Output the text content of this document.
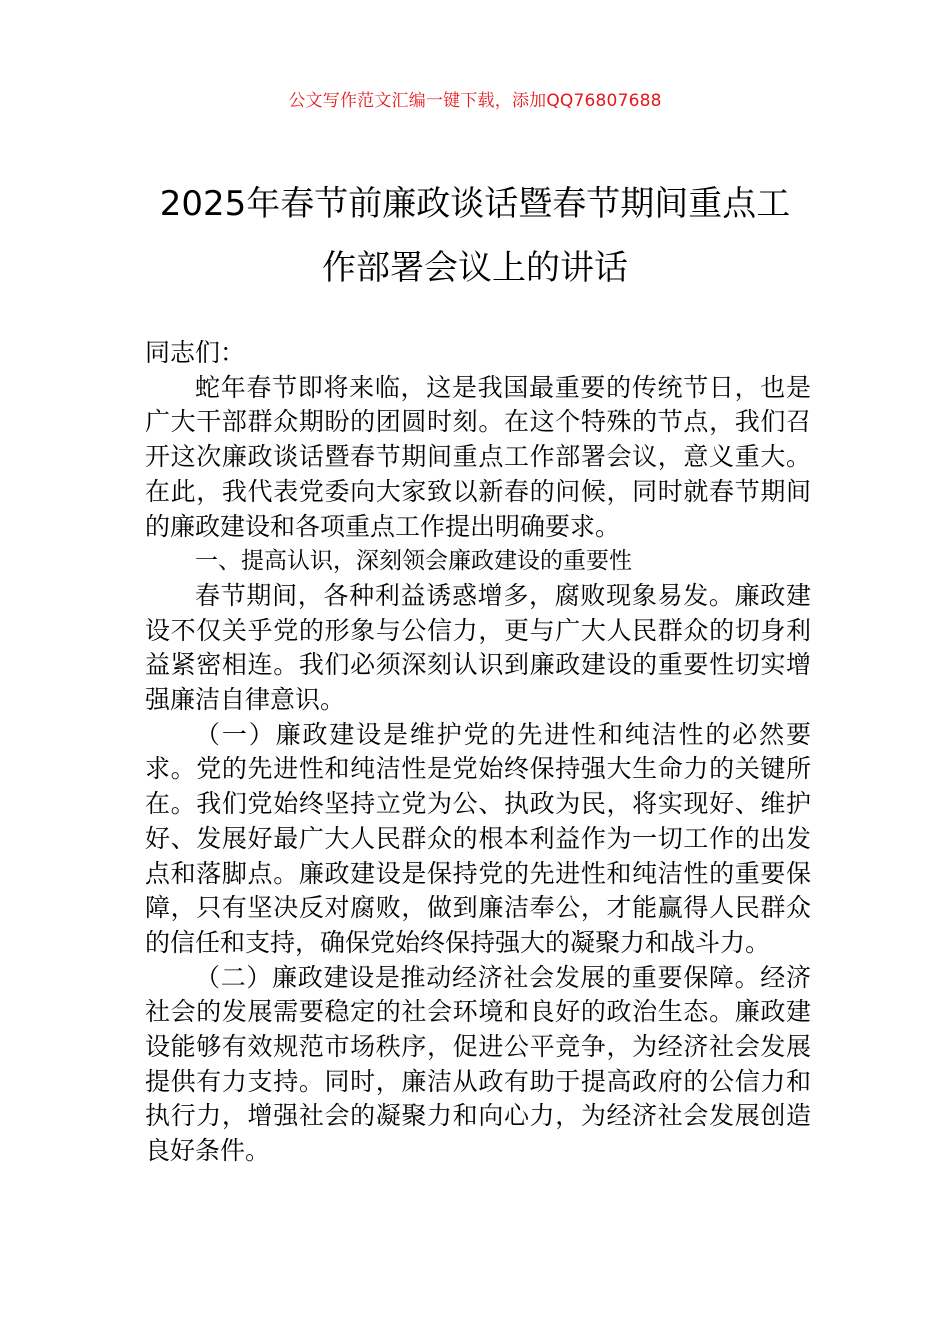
公文写作范文汇编一键下载，添加QQ76807688
2025年春节前廉政谈话暨春节期间重点工
作部署会议上的讲话

同志们：

蛇年春节即将来临，这是我国最重要的传统节日，也是广大干部群众期盼的团圆时刻。在这个特殊的节点，我们召开这次廉政谈话暨春节期间重点工作部署会议，意义重大。在此，我代表党委向大家致以新春的问候，同时就春节期间的廉政建设和各项重点工作提出明确要求。

一、提高认识，深刻领会廉政建设的重要性

春节期间，各种利益诱惑增多，腐败现象易发。廉政建设不仅关乎党的形象与公信力，更与广大人民群众的切身利益紧密相连。我们必须深刻认识到廉政建设的重要性切实增强廉洁自律意识。

（一）廉政建设是维护党的先进性和纯洁性的必然要求。党的先进性和纯洁性是党始终保持强大生命力的关键所在。我们党始终坚持立党为公、执政为民，将实现好、维护好、发展好最广大人民群众的根本利益作为一切工作的出发点和落脚点。廉政建设是保持党的先进性和纯洁性的重要保障，只有坚决反对腐败，做到廉洁奉公，才能赢得人民群众的信任和支持，确保党始终保持强大的凝聚力和战斗力。

（二）廉政建设是推动经济社会发展的重要保障。经济社会的发展需要稳定的社会环境和良好的政治生态。廉政建设能够有效规范市场秩序，促进公平竞争，为经济社会发展提供有力支持。同时，廉洁从政有助于提高政府的公信力和执行力，增强社会的凝聚力和向心力，为经济社会发展创造良好条件。
